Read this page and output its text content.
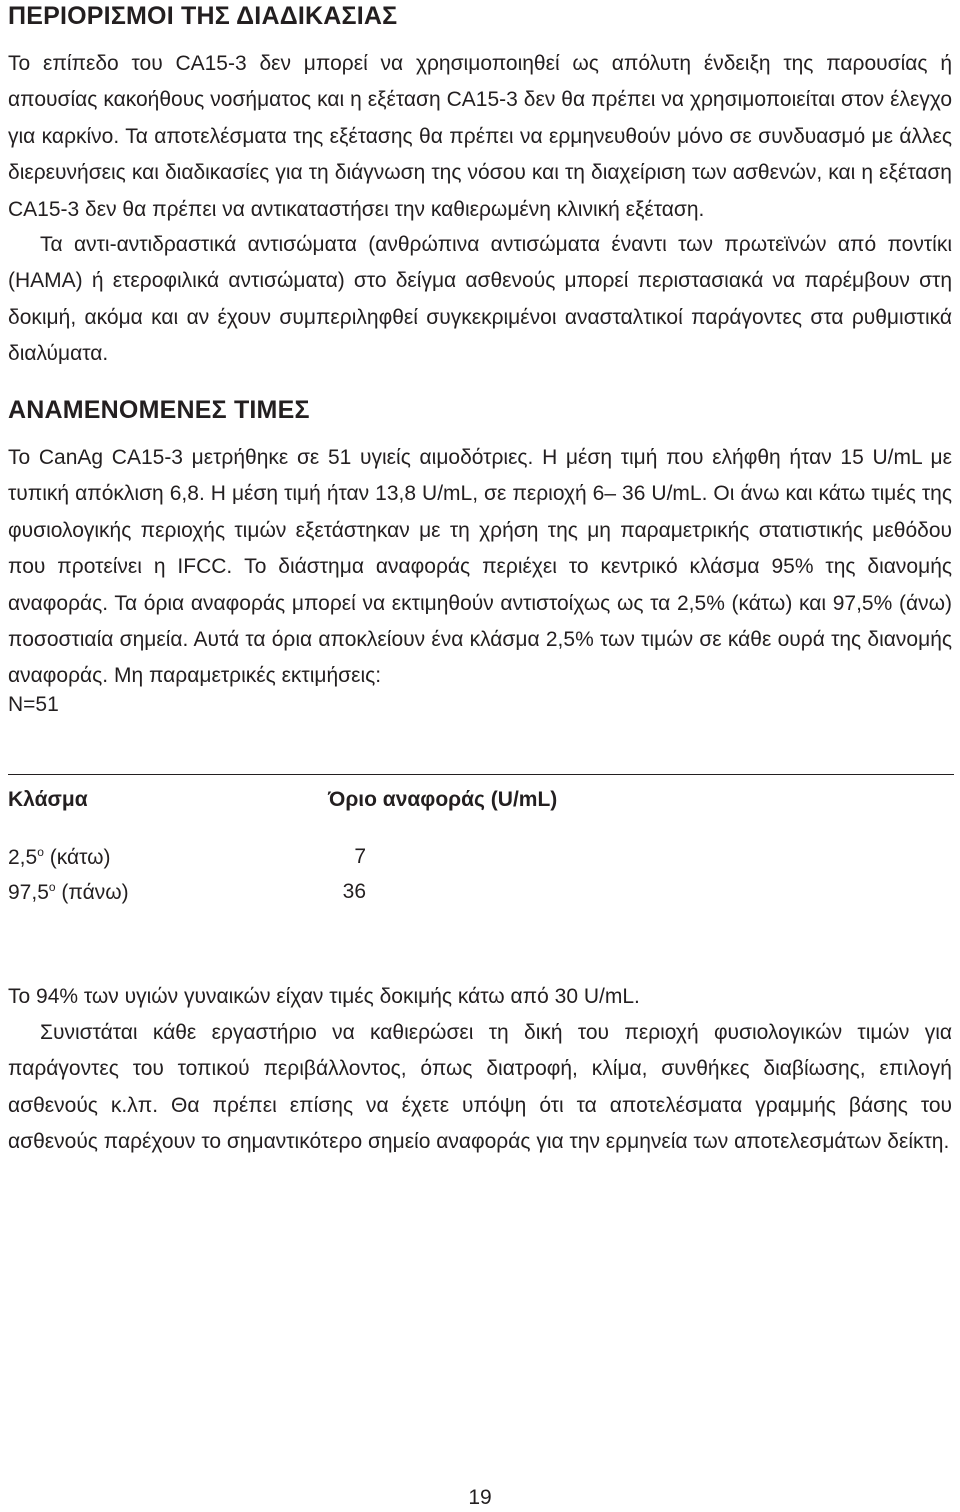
ΠΕΡΙΟΡΙΣΜΟΙ ΤΗΣ ΔΙΑΔΙΚΑΣΙΑΣ

Το επίπεδο του CA15-3 δεν μπορεί να χρησιμοποιηθεί ως απόλυτη ένδειξη της παρουσίας ή απουσίας κακοήθους νοσήματος και η εξέταση CA15-3 δεν θα πρέπει να χρησιμοποιείται στον έλεγχο για καρκίνο. Τα αποτελέσματα της εξέτασης θα πρέπει να ερμηνευθούν μόνο σε συνδυασμό με άλλες διερευνήσεις και διαδικασίες για τη διάγνωση της νόσου και τη διαχείριση των ασθενών, και η εξέταση CA15-3 δεν θα πρέπει να αντικαταστήσει την καθιερωμένη κλινική εξέταση.

Τα αντι-αντιδραστικά αντισώματα (ανθρώπινα αντισώματα έναντι των πρωτεϊνών από ποντίκι (HAMA) ή ετεροφιλικά αντισώματα) στο δείγμα ασθενούς μπορεί περιστασιακά να παρέμβουν στη δοκιμή, ακόμα και αν έχουν συμπεριληφθεί συγκεκριμένοι ανασταλτικοί παράγοντες στα ρυθμιστικά διαλύματα.

ΑΝΑΜΕΝΟΜΕΝΕΣ ΤΙΜΕΣ

Το CanAg CA15-3 μετρήθηκε σε 51 υγιείς αιμοδότριες. Η μέση τιμή που ελήφθη ήταν 15 U/mL με τυπική απόκλιση 6,8. Η μέση τιμή ήταν 13,8 U/mL, σε περιοχή 6– 36 U/mL. Οι άνω και κάτω τιμές της φυσιολογικής περιοχής τιμών εξετάστηκαν με τη χρήση της μη παραμετρικής στατιστικής μεθόδου που προτείνει η IFCC. Το διάστημα αναφοράς περιέχει το κεντρικό κλάσμα 95% της διανομής αναφοράς. Τα όρια αναφοράς μπορεί να εκτιμηθούν αντιστοίχως ως τα 2,5% (κάτω) και 97,5% (άνω) ποσοστιαία σημεία. Αυτά τα όρια αποκλείουν ένα κλάσμα 2,5% των τιμών σε κάθε ουρά της διανομής αναφοράς. Μη παραμετρικές εκτιμήσεις:

N=51

Κλάσμα	Όριο αναφοράς (U/mL)

$2,5^o$ (κάτω)	7

$97,5^o$ (πάνω)	36

Το 94% των υγιών γυναικών είχαν τιμές δοκιμής κάτω από 30 U/mL.

Συνιστάται κάθε εργαστήριο να καθιερώσει τη δική του περιοχή φυσιολογικών τιμών για παράγοντες του τοπικού περιβάλλοντος, όπως διατροφή, κλίμα, συνθήκες διαβίωσης, επιλογή ασθενούς κ.λπ. Θα πρέπει επίσης να έχετε υπόψη ότι τα αποτελέσματα γραμμής βάσης του ασθενούς παρέχουν το σημαντικότερο σημείο αναφοράς για την ερμηνεία των αποτελεσμάτων δείκτη.

19
